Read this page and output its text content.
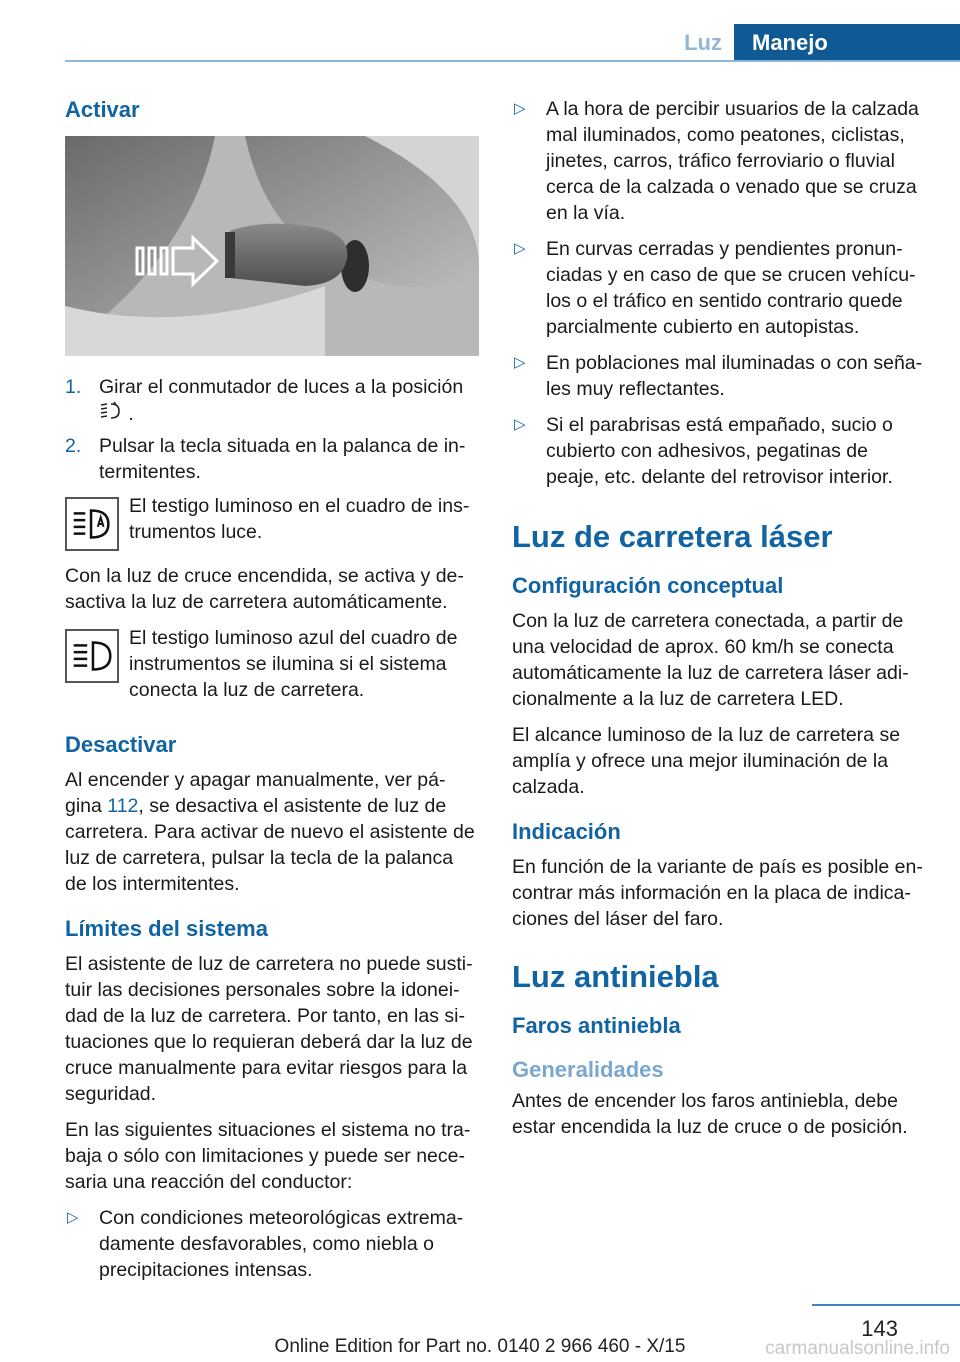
Luz	Manejo
Activar
1. Girar el conmutador de luces a la posición
.
2. Pulsar la tecla situada en la palanca de in‐termitentes.

El testigo luminoso en el cuadro de ins‐trumentos luce.

Con la luz de cruce encendida, se activa y de‐sactiva la luz de carretera automáticamente.

El testigo luminoso azul del cuadro de instrumentos se ilumina si el sistema conecta la luz de carretera.

Desactivar

Al encender y apagar manualmente, ver pá‐gina 112, se desactiva el asistente de luz de carretera. Para activar de nuevo el asistente de luz de carretera, pulsar la tecla de la palanca de los intermitentes.

Límites del sistema

El asistente de luz de carretera no puede susti‐tuir las decisiones personales sobre la idonei‐dad de la luz de carretera. Por tanto, en las si‐tuaciones que lo requieran deberá dar la luz de cruce manualmente para evitar riesgos para la seguridad.

En las siguientes situaciones el sistema no tra‐baja o sólo con limitaciones y puede ser nece‐saria una reacción del conductor:

▷ Con condiciones meteorológicas extrema‐damente desfavorables, como niebla o precipitaciones intensas.
▷ A la hora de percibir usuarios de la calzada mal iluminados, como peatones, ciclistas, jinetes, carros, tráfico ferroviario o fluvial cerca de la calzada o venado que se cruza en la vía.
▷ En curvas cerradas y pendientes pronun‐ciadas y en caso de que se crucen vehícu‐los o el tráfico en sentido contrario quede parcialmente cubierto en autopistas.
▷ En poblaciones mal iluminadas o con seña‐les muy reflectantes.
▷ Si el parabrisas está empañado, sucio o cubierto con adhesivos, pegatinas de peaje, etc. delante del retrovisor interior.
Luz de carretera láser
Configuración conceptual

Con la luz de carretera conectada, a partir de una velocidad de aprox. 60 km/h se conecta automáticamente la luz de carretera láser adi‐cionalmente a la luz de carretera LED.

El alcance luminoso de la luz de carretera se amplía y ofrece una mejor iluminación de la calzada.

Indicación

En función de la variante de país es posible en‐contrar más información en la placa de indica‐ciones del láser del faro.

Luz antiniebla
Faros antiniebla
Generalidades

Antes de encender los faros antiniebla, debe estar encendida la luz de cruce o de posición.

143
Online Edition for Part no. 0140 2 966 460 - X/15	carmanualsonline.info
